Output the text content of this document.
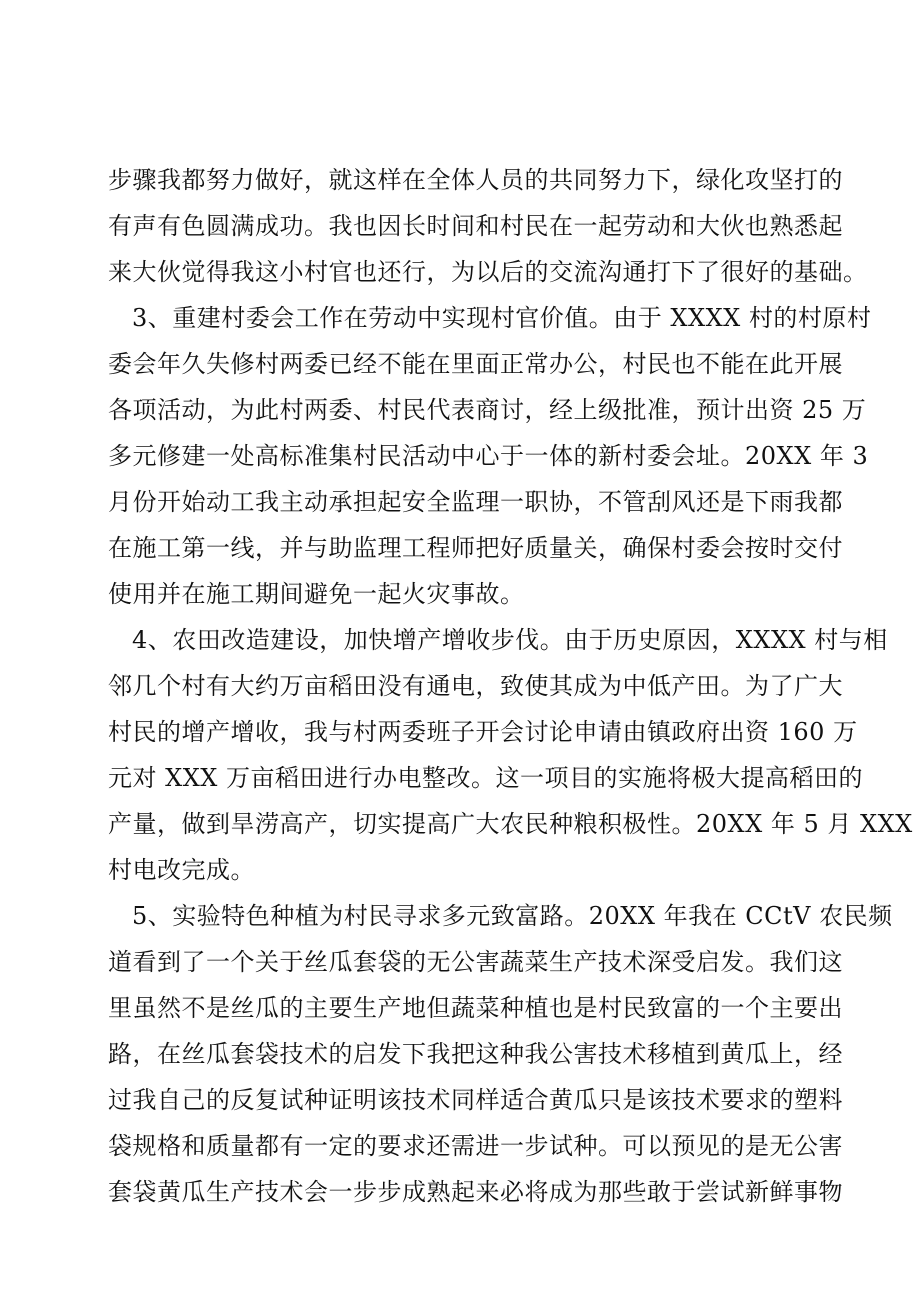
步骤我都努力做好，就这样在全体人员的共同努力下，绿化攻坚打的
有声有色圆满成功。我也因长时间和村民在一起劳动和大伙也熟悉起
来大伙觉得我这小村官也还行，为以后的交流沟通打下了很好的基础。
3、重建村委会工作在劳动中实现村官价值。由于 XXXX 村的村原村
委会年久失修村两委已经不能在里面正常办公，村民也不能在此开展
各项活动，为此村两委、村民代表商讨，经上级批准，预计出资 25 万
多元修建一处高标准集村民活动中心于一体的新村委会址。20XX 年 3
月份开始动工我主动承担起安全监理一职协，不管刮风还是下雨我都
在施工第一线，并与助监理工程师把好质量关，确保村委会按时交付
使用并在施工期间避免一起火灾事故。
4、农田改造建设，加快增产增收步伐。由于历史原因，XXXX 村与相
邻几个村有大约万亩稻田没有通电，致使其成为中低产田。为了广大
村民的增产增收，我与村两委班子开会讨论申请由镇政府出资 160 万
元对 XXX 万亩稻田进行办电整改。这一项目的实施将极大提高稻田的
产量，做到旱涝高产，切实提高广大农民种粮积极性。20XX 年 5 月 XXX
村电改完成。
5、实验特色种植为村民寻求多元致富路。20XX 年我在 CCtV 农民频
道看到了一个关于丝瓜套袋的无公害蔬菜生产技术深受启发。我们这
里虽然不是丝瓜的主要生产地但蔬菜种植也是村民致富的一个主要出
路，在丝瓜套袋技术的启发下我把这种我公害技术移植到黄瓜上，经
过我自己的反复试种证明该技术同样适合黄瓜只是该技术要求的塑料
袋规格和质量都有一定的要求还需进一步试种。可以预见的是无公害
套袋黄瓜生产技术会一步步成熟起来必将成为那些敢于尝试新鲜事物
